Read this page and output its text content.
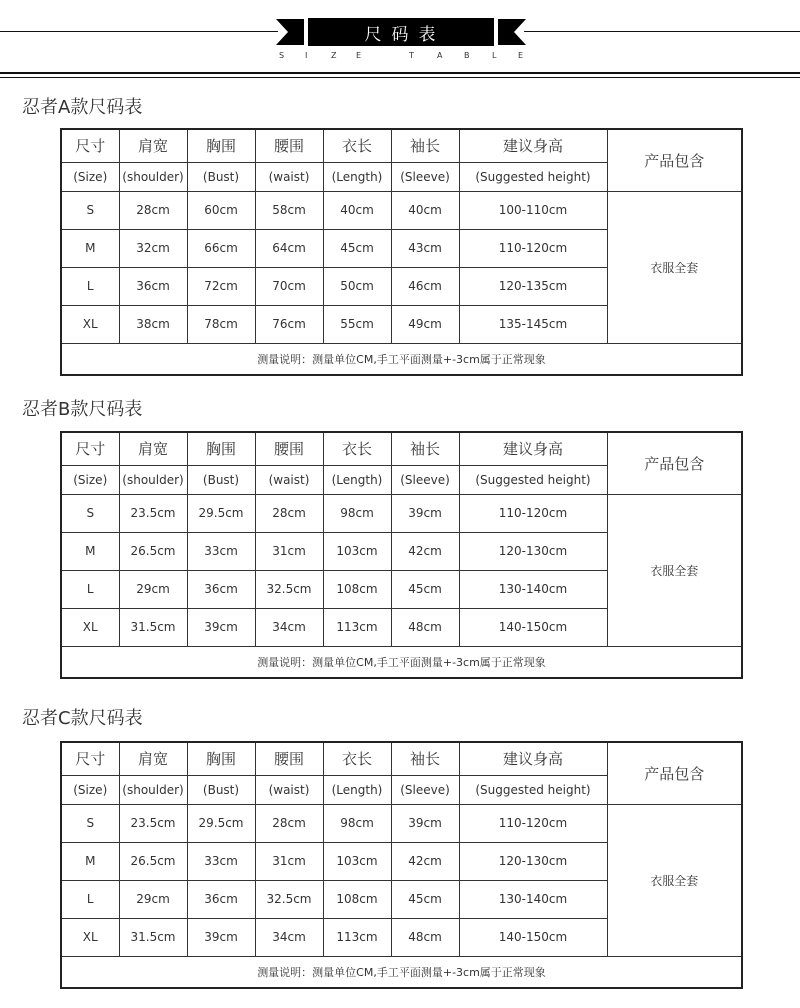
尺码表
S	I	Z E	T	A	B	L	E
忍者A款尺码表
尺寸	肩宽	胸围	腰围	衣长	袖长	建议身高	产品包含
(Size)	(shoulder)	(Bust)	(waist)	(Length)	(Sleeve)	(Suggested height)	
S	28cm	60cm	58cm	40cm	40cm	100-110cm	衣服全套
M	32cm	66cm	64cm	45cm	43cm	110-120cm	
L	36cm	72cm	70cm	50cm	46cm	120-135cm	
XL	38cm	78cm	76cm	55cm	49cm	135-145cm	
测量说明：测量单位CM,手工平面测量+-3cm属于正常现象							
忍者B款尺码表
尺寸	肩宽	胸围	腰围	衣长	袖长	建议身高	产品包含
(Size)	(shoulder)	(Bust)	(waist)	(Length)	(Sleeve)	(Suggested height)	
S	23.5cm	29.5cm	28cm	98cm	39cm	110-120cm	衣服全套
M	26.5cm	33cm	31cm	103cm	42cm	120-130cm	
L	29cm	36cm	32.5cm	108cm	45cm	130-140cm	
XL	31.5cm	39cm	34cm	113cm	48cm	140-150cm	
测量说明：测量单位CM,手工平面测量+-3cm属于正常现象							
忍者C款尺码表
尺寸	肩宽	胸围	腰围	衣长	袖长	建议身高	产品包含
(Size)	(shoulder)	(Bust)	(waist)	(Length)	(Sleeve)	(Suggested height)	
S	23.5cm	29.5cm	28cm	98cm	39cm	110-120cm	衣服全套
M	26.5cm	33cm	31cm	103cm	42cm	120-130cm	
L	29cm	36cm	32.5cm	108cm	45cm	130-140cm	
XL	31.5cm	39cm	34cm	113cm	48cm	140-150cm	
测量说明：测量单位CM,手工平面测量+-3cm属于正常现象							
